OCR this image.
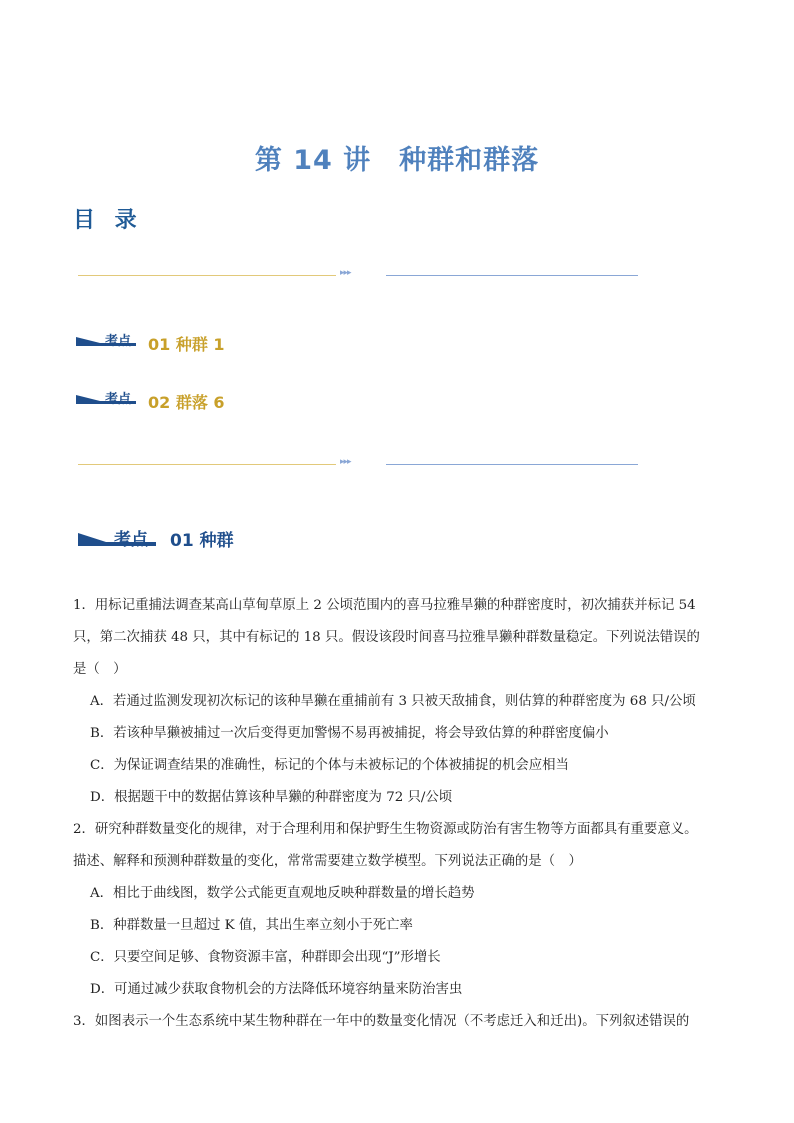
第 14 讲　种群和群落
目 录
▸▸▸
考点 01 种群 1
考点 02 群落 6
▸▸▸
考点 01 种群

1．用标记重捕法调查某高山草甸草原上 2 公顷范围内的喜马拉雅旱獭的种群密度时，初次捕获并标记 54

只，第二次捕获 48 只，其中有标记的 18 只。假设该段时间喜马拉雅旱獭种群数量稳定。下列说法错误的

是（　）

A．若通过监测发现初次标记的该种旱獭在重捕前有 3 只被天敌捕食，则估算的种群密度为 68 只/公顷

B．若该种旱獭被捕过一次后变得更加警惕不易再被捕捉，将会导致估算的种群密度偏小

C．为保证调查结果的准确性，标记的个体与未被标记的个体被捕捉的机会应相当

D．根据题干中的数据估算该种旱獭的种群密度为 72 只/公顷

2．研究种群数量变化的规律，对于合理利用和保护野生生物资源或防治有害生物等方面都具有重要意义。

描述、解释和预测种群数量的变化，常常需要建立数学模型。下列说法正确的是（　）

A．相比于曲线图，数学公式能更直观地反映种群数量的增长趋势

B．种群数量一旦超过 K 值，其出生率立刻小于死亡率

C．只要空间足够、食物资源丰富，种群即会出现“J”形增长

D．可通过减少获取食物机会的方法降低环境容纳量来防治害虫

3．如图表示一个生态系统中某生物种群在一年中的数量变化情况（不考虑迁入和迁出)。下列叙述错误的
